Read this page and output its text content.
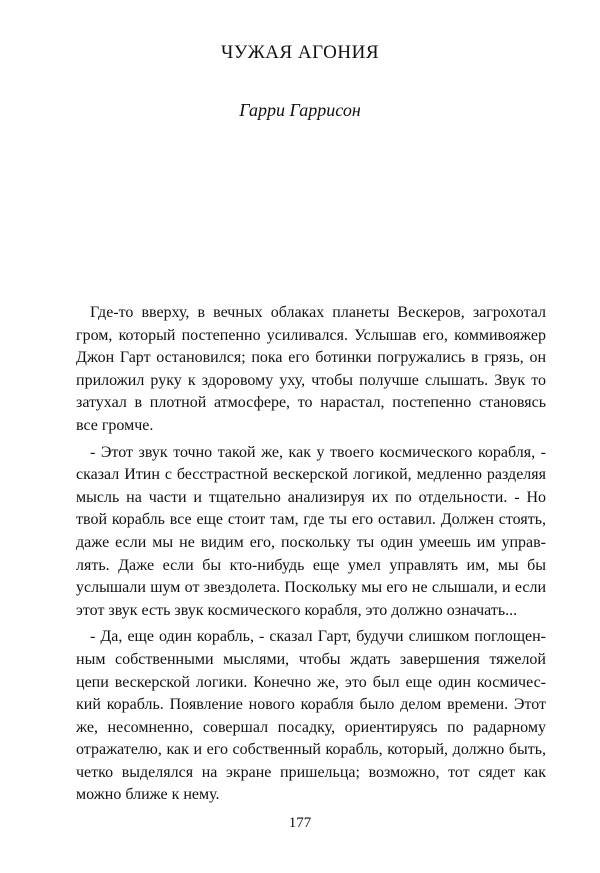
ЧУЖАЯ АГОНИЯ
Гарри Гаррисон
Где-то вверху, в вечных облаках планеты Вескеров, загрохотал
гром, который постепенно усиливался. Услышав его, коммивояжер
Джон Гарт остановился; пока его ботинки погружались в грязь, он
приложил руку к здоровому уху, чтобы получше слышать. Звук то
затухал в плотной атмосфере, то нарастал, постепенно становясь
все громче.
- Этот звук точно такой же, как у твоего космического корабля, -
сказал Итин с бесстрастной вескерской логикой, медленно разделяя
мысль на части и тщательно анализируя их по отдельности. - Но
твой корабль все еще стоит там, где ты его оставил. Должен стоять,
даже если мы не видим его, поскольку ты один умеешь им управ-
лять. Даже если бы кто-нибудь еще умел управлять им, мы бы
услышали шум от звездолета. Поскольку мы его не слышали, и если
этот звук есть звук космического корабля, это должно означать...
- Да, еще один корабль, - сказал Гарт, будучи слишком поглощен-
ным собственными мыслями, чтобы ждать завершения тяжелой
цепи вескерской логики. Конечно же, это был еще один космичес-
кий корабль. Появление нового корабля было делом времени. Этот
же, несомненно, совершал посадку, ориентируясь по радарному
отражателю, как и его собственный корабль, который, должно быть,
четко выделялся на экране пришельца; возможно, тот сядет как
можно ближе к нему.
177
